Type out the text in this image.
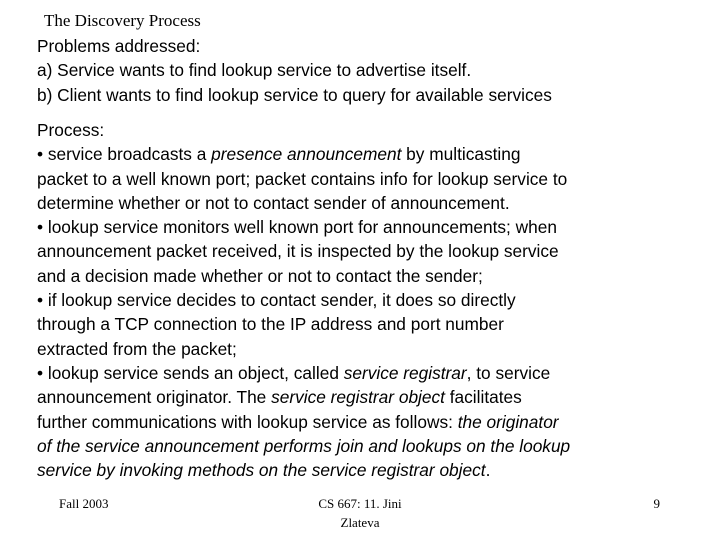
The Discovery Process
Problems addressed:
a) Service wants to find lookup service to advertise itself.
b) Client wants to find lookup service to query for available services
Process:
• service broadcasts a presence announcement by multicasting
packet to a well known port; packet contains info for lookup service to
determine whether or not to contact sender of announcement.
• lookup service monitors well known port for announcements; when
announcement packet received, it is inspected by the lookup service
and a decision made whether or not to contact the sender;
• if lookup service decides to contact sender, it does so directly
through a TCP connection to the IP address and port number
extracted from the packet;
• lookup service sends an object, called service registrar, to service
announcement originator. The service registrar object facilitates
further communications with lookup service as follows: the originator
of the service announcement performs join and lookups on the lookup
service by invoking methods on the service registrar object.
Fall 2003	CS 667: 11. Jini
Zlateva
9
